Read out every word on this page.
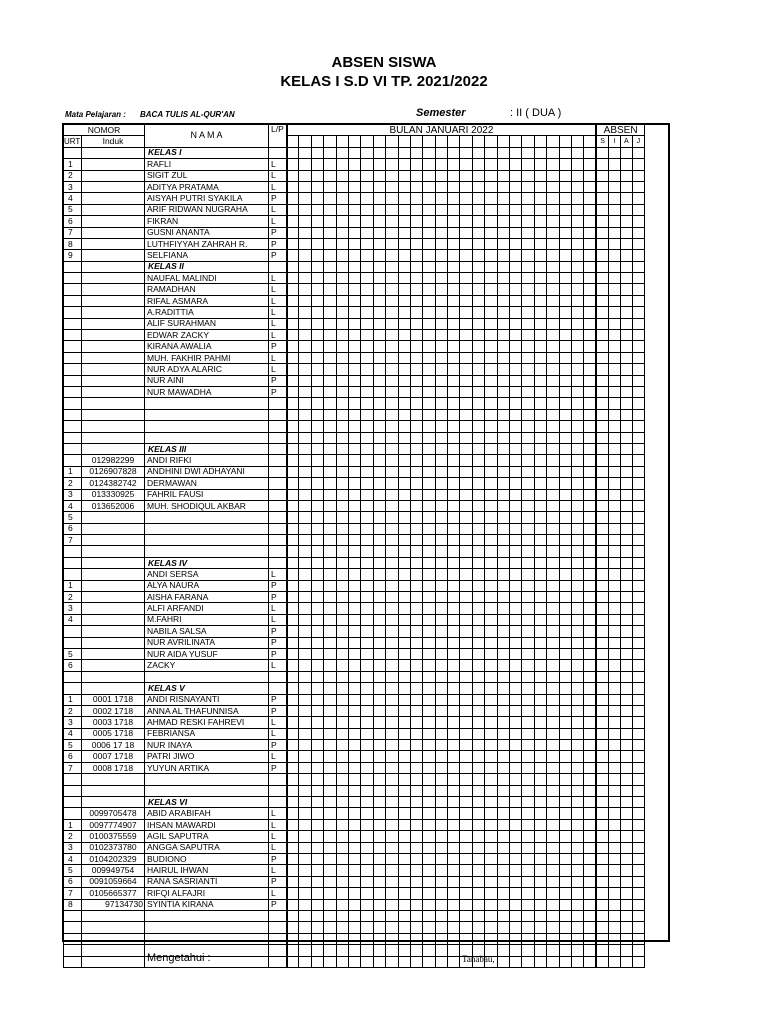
ABSEN SISWA
KELAS I S.D VI TP. 2021/2022
Mata Pelajaran : BACA TULIS AL-QUR'AN	Semester	: II ( DUA )
NOMOR		N A M A	L/P	BULAN JANUARI 2022																									ABSEN			
URT	Induk																												S	I	A	J
		KELAS I																														
1		RAFLI	L																													
2		SIGIT ZUL	L																													
3		ADITYA PRATAMA	L																													
4		AISYAH PUTRI SYAKILA	P																													
5		ARIF RIDWAN NUGRAHA	L																													
6		FIKRAN	L																													
7		GUSNI ANANTA	P																													
8		LUTHFIYYAH ZAHRAH R.	P																													
9		SELFIANA	P																													
		KELAS II																														
		NAUFAL MALINDI	L																													
		RAMADHAN	L																													
		RIFAL ASMARA	L																													
		A.RADITTIA	L																													
		ALIF SURAHMAN	L																													
		EDWAR ZACKY	L																													
		KIRANA AWALIA	P																													
		MUH. FAKHIR PAHMI	L																													
		NUR ADYA ALARIC	L																													
		NUR AINI	P																													
		NUR MAWADHA	P																													

		KELAS III																														
	012982299	ANDI RIFKI																														
1	0126907828	ANDHINI DWI ADHAYANI																														
2	0124382742	DERMAWAN																														
3	013330925	FAHRIL FAUSI																														
4	013652006	MUH. SHODIQUL AKBAR																														
5																																
6																																
7																																

		KELAS IV																														
		ANDI SERSA	L																													
1		ALYA NAURA	P																													
2		AISHA FARANA	P																													
3		ALFI ARFANDI	L																													
4		M.FAHRI	L																													
		NABILA SALSA	P																													
		NUR AVRILINATA	P																													
5		NUR AIDA YUSUF	P																													
6		ZACKY	L																													

		KELAS V																														
1	0001 1718	ANDI RISNAYANTI	P																													
2	0002 1718	ANNA AL THAFUNNISA	P																													
3	0003 1718	AHMAD RESKI FAHREVI	L																													
4	0005 1718	FEBRIANSA	L																													
5	0006 17 18	NUR INAYA	P																													
6	0007 1718	PATRI JIWO	L																													
7	0008 1718	YUYUN ARTIKA	P																													

		KELAS VI																														
	0099705478	ABID ARABIFAH	L																													
1	0097774907	IHSAN MAWARDI	L																													
2	0100375559	AGIL SAPUTRA	L																													
3	0102373780	ANGGA SAPUTRA	L																													
4	0104202329	BUDIONO	P																													
5	009949754	HAIRUL IHWAN	L																													
6	0091059664	RANA SASRIANTI	P																													
7	0105665377	RIFQI ALFAJRI	L																													
8	97134730	SYINTIA KIRANA	P																													

Mengetahui :	Tanabau,
